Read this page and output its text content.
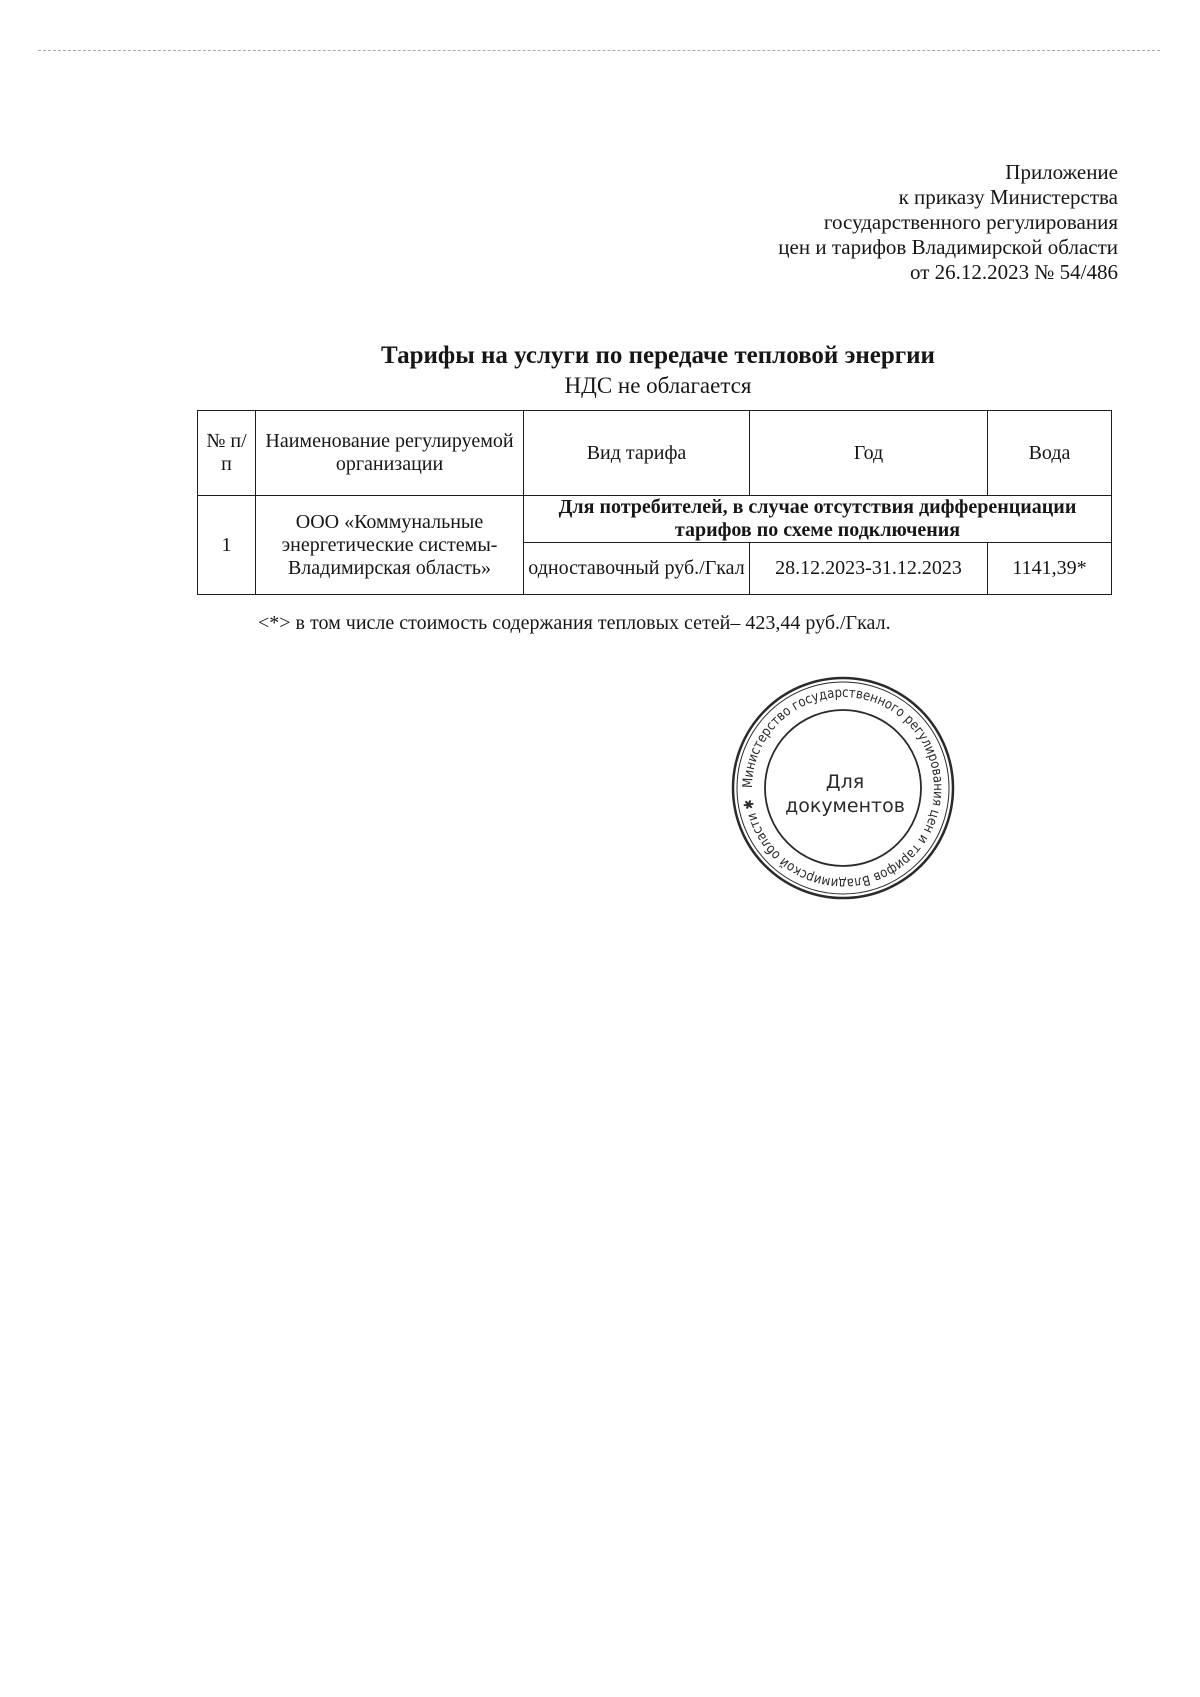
Приложение
к приказу Министерства
государственного регулирования
цен и тарифов Владимирской области
от 26.12.2023 № 54/486
Тарифы на услуги по передаче тепловой энергии
НДС не облагается
№ п/п	Наименование регулируемой организации	Вид тарифа	Год	Вода
1	ООО «Коммунальные энергетические системы-Владимирская область»	Для потребителей, в случае отсутствия дифференциации тарифов по схеме подключения		
		одноставочный руб./Гкал	28.12.2023-31.12.2023	1141,39*
<*> в том числе стоимость содержания тепловых сетей– 423,44 руб./Гкал.
Министерство государственного регулирования цен и тарифов Владимирской области ✱
Для
документов
